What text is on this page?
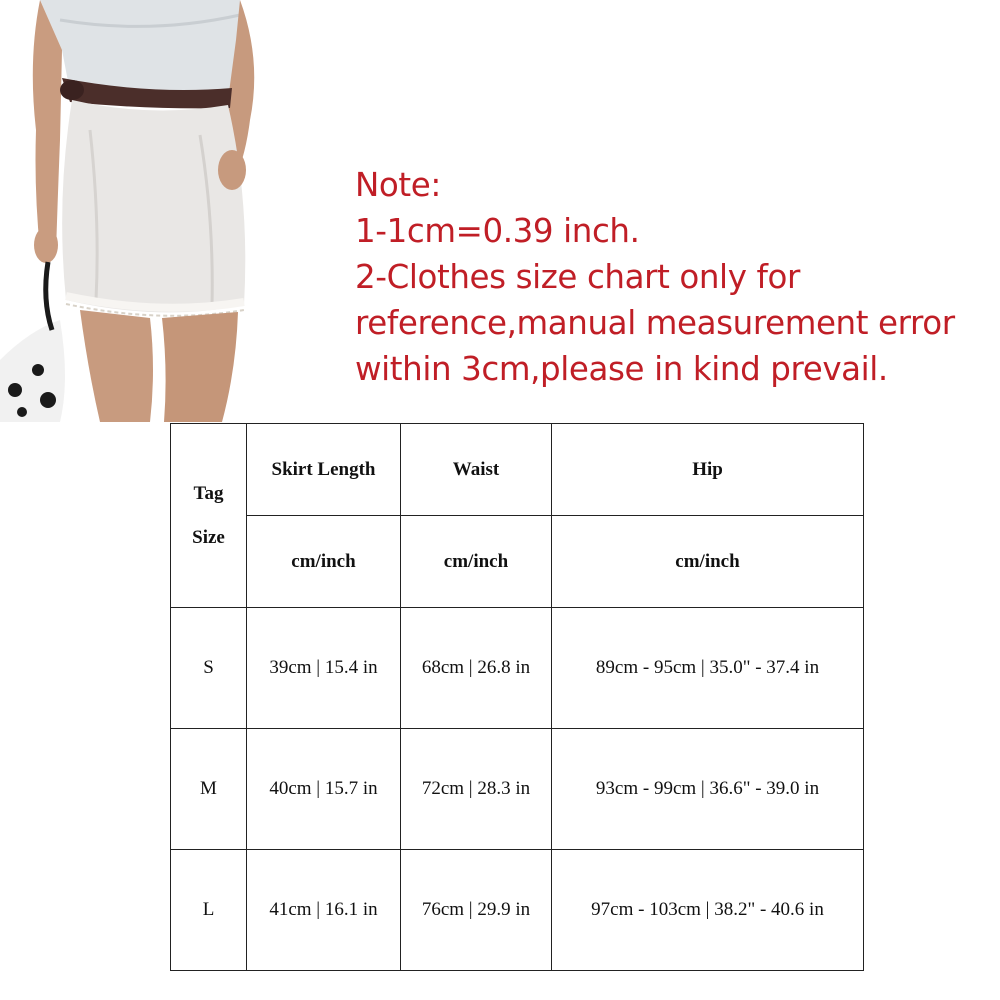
Note:
1-1cm=0.39 inch.
2-Clothes size chart only for
reference,manual measurement error
within 3cm,please in kind prevail.
Tag
Size	Skirt Length	Waist	Hip
	cm/inch	cm/inch	cm/inch
S	39cm | 15.4 in	68cm | 26.8 in	89cm - 95cm | 35.0" - 37.4 in
M	40cm | 15.7 in	72cm | 28.3 in	93cm - 99cm | 36.6" - 39.0 in
L	41cm | 16.1 in	76cm | 29.9 in	97cm - 103cm | 38.2" - 40.6 in
